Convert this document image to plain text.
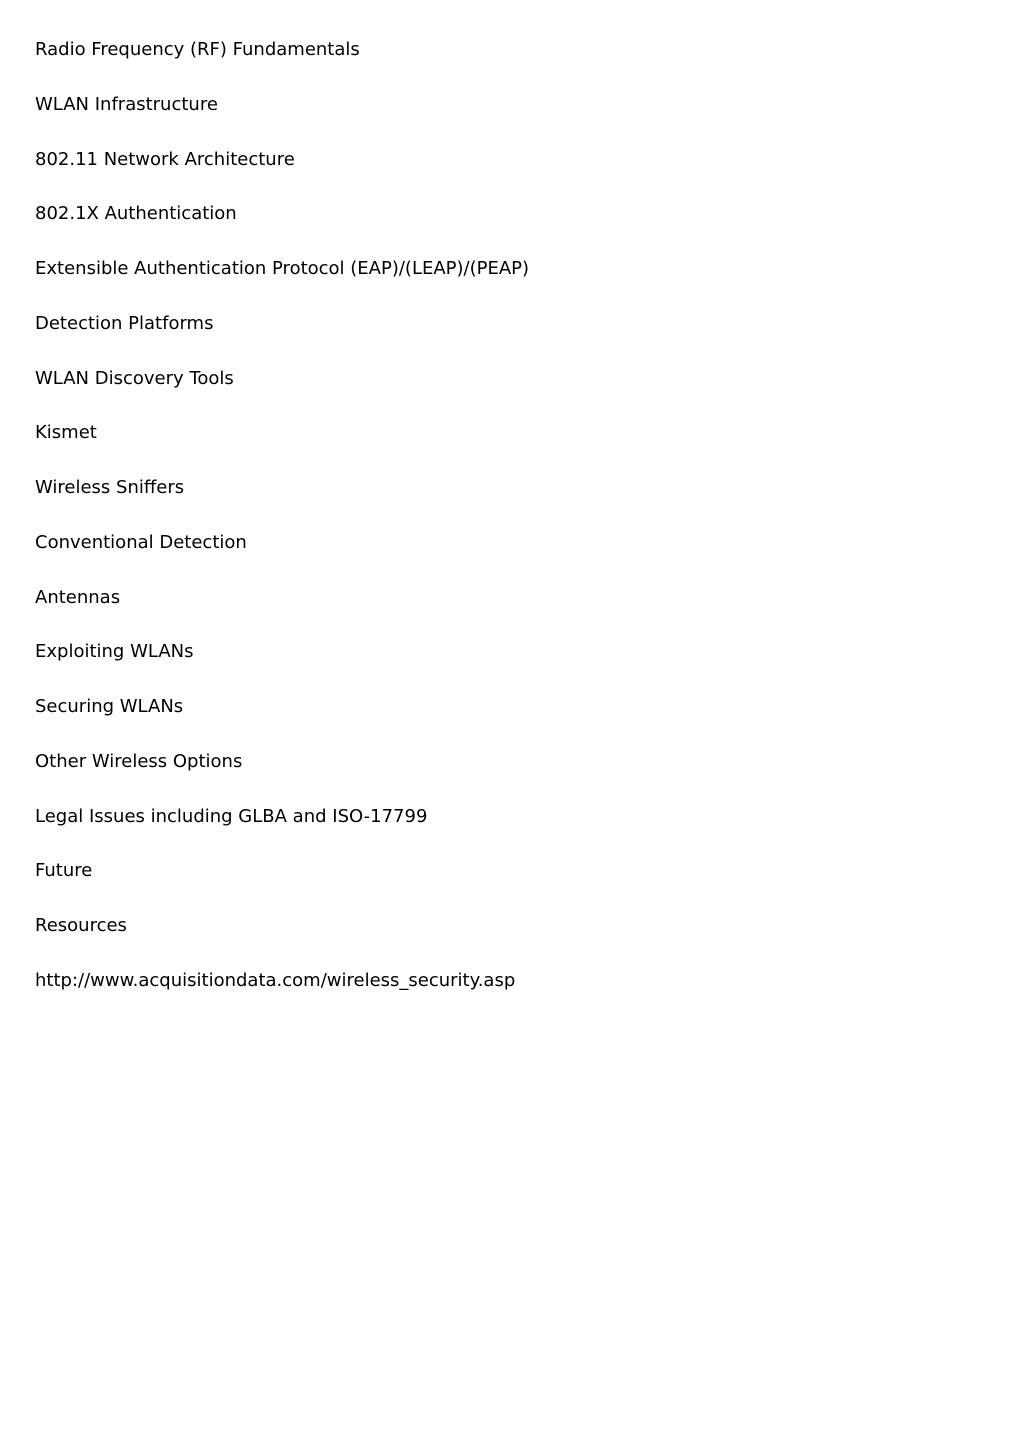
Radio Frequency (RF) Fundamentals
WLAN Infrastructure
802.11 Network Architecture
802.1X Authentication
Extensible Authentication Protocol (EAP)/(LEAP)/(PEAP)
Detection Platforms
WLAN Discovery Tools
Kismet
Wireless Sniffers
Conventional Detection
Antennas
Exploiting WLANs
Securing WLANs
Other Wireless Options
Legal Issues including GLBA and ISO-17799
Future
Resources
http://www.acquisitiondata.com/wireless_security.asp
